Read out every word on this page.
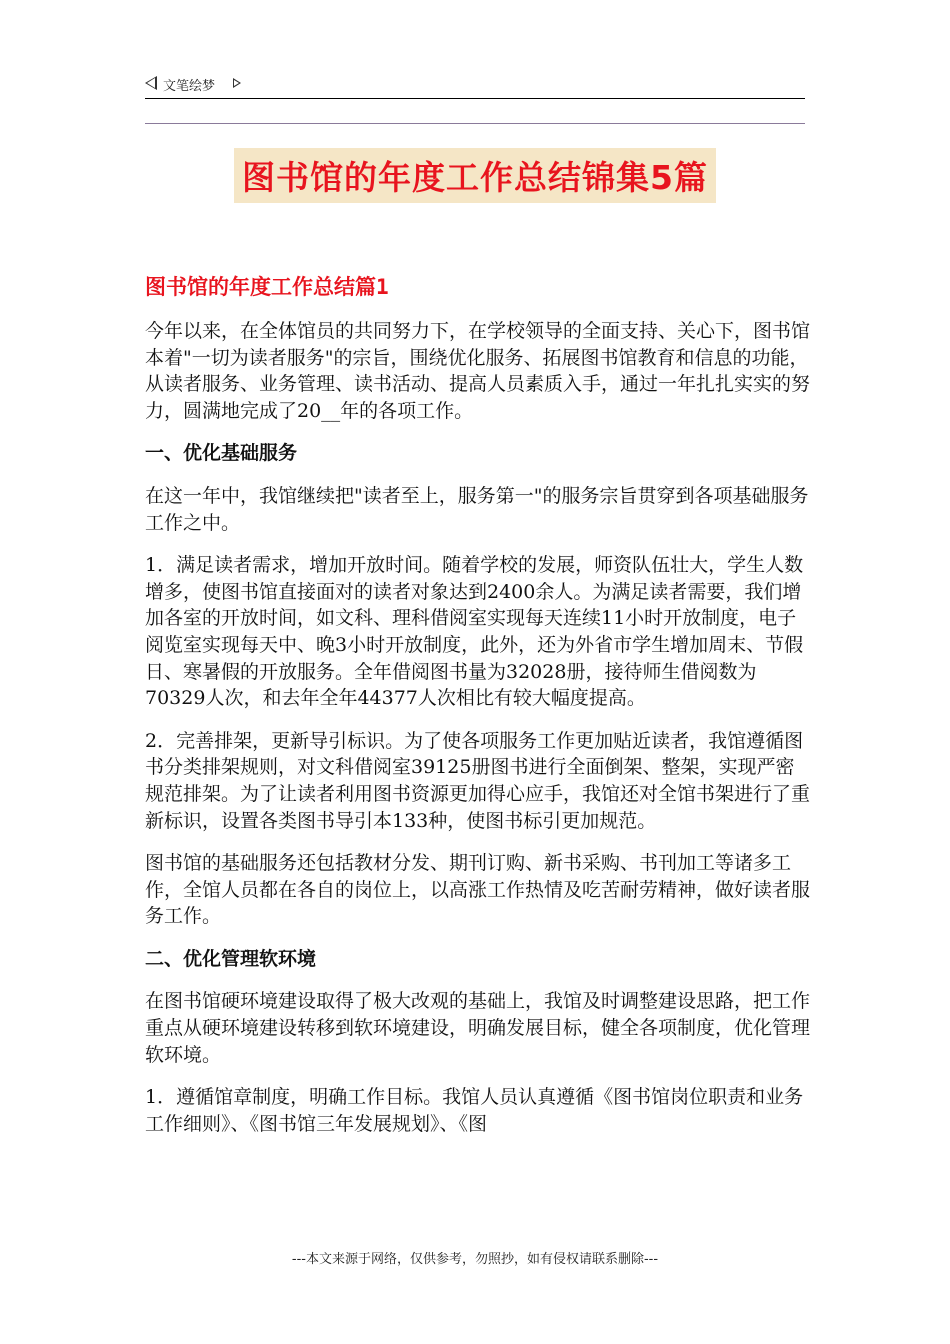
文笔绘梦
图书馆的年度工作总结锦集5篇
图书馆的年度工作总结篇1

今年以来，在全体馆员的共同努力下，在学校领导的全面支持、关心下，图书馆本着"一切为读者服务"的宗旨，围绕优化服务、拓展图书馆教育和信息的功能，从读者服务、业务管理、读书活动、提高人员素质入手，通过一年扎扎实实的努力，圆满地完成了20__年的各项工作。

一、优化基础服务

在这一年中，我馆继续把"读者至上，服务第一"的服务宗旨贯穿到各项基础服务工作之中。

1．满足读者需求，增加开放时间。随着学校的发展，师资队伍壮大，学生人数增多，使图书馆直接面对的读者对象达到2400余人。为满足读者需要，我们增加各室的开放时间，如文科、理科借阅室实现每天连续11小时开放制度，电子阅览室实现每天中、晚3小时开放制度，此外，还为外省市学生增加周末、节假日、寒暑假的开放服务。全年借阅图书量为32028册，接待师生借阅数为70329人次，和去年全年44377人次相比有较大幅度提高。

2．完善排架，更新导引标识。为了使各项服务工作更加贴近读者，我馆遵循图书分类排架规则，对文科借阅室39125册图书进行全面倒架、整架，实现严密规范排架。为了让读者利用图书资源更加得心应手，我馆还对全馆书架进行了重新标识，设置各类图书导引本133种，使图书标引更加规范。

图书馆的基础服务还包括教材分发、期刊订购、新书采购、书刊加工等诸多工作，全馆人员都在各自的岗位上，以高涨工作热情及吃苦耐劳精神，做好读者服务工作。

二、优化管理软环境

在图书馆硬环境建设取得了极大改观的基础上，我馆及时调整建设思路，把工作重点从硬环境建设转移到软环境建设，明确发展目标，健全各项制度，优化管理软环境。

1．遵循馆章制度，明确工作目标。我馆人员认真遵循《图书馆岗位职责和业务工作细则》、《图书馆三年发展规划》、《图

---本文来源于网络，仅供参考，勿照抄，如有侵权请联系删除---
